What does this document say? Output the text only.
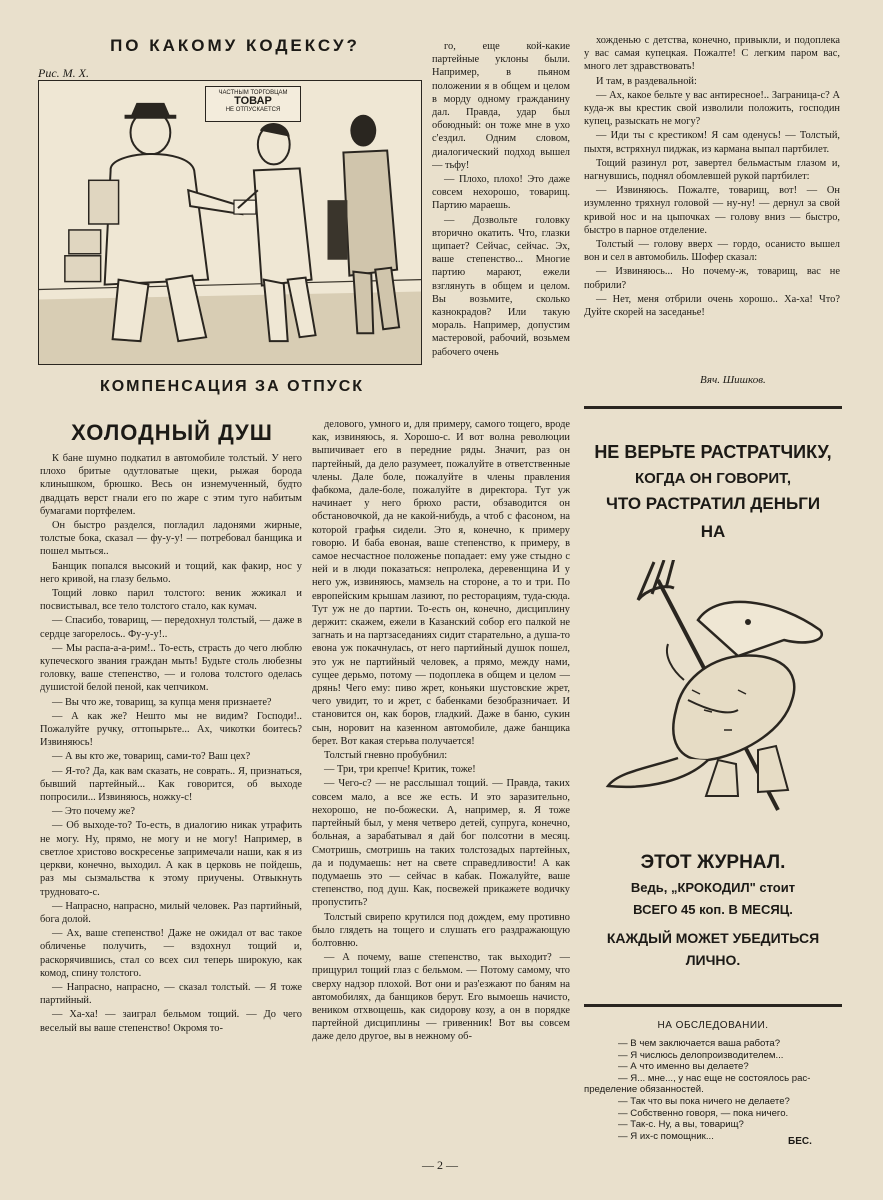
ПО КАКОМУ КОДЕКСУ?
Рис. М. Х.
ЧАСТНЫМ ТОРГОВЦАМ
ТОВАР
НЕ ОТПУСКАЕТСЯ
КОМПЕНСАЦИЯ ЗА ОТПУСК
ХОЛОДНЫЙ ДУШ

К бане шумно подкатил в автомобиле толстый. У него плохо бритые одутловатые щеки, рыжая борода клинышком, брюшко. Весь он изнемученный, будто двадцать верст гнали его по жаре с этим туго набитым бумагами портфелем.

Он быстро разделся, погладил ладонями жирные, толстые бока, сказал — фу-у-у! — потребовал банщика и пошел мыться..

Банщик попался высокий и тощий, как факир, нос у него кривой, на глазу бельмо.

Тощий ловко парил толстого: веник жжикал и посвистывал, все тело толстого стало, как кумач.

— Спасибо, товарищ, — передохнул толстый, — даже в сердце загорелось.. Фу-у-у!..

— Мы распа-а-а-рим!.. То-есть, страсть до чего люблю купеческого звания граждан мыть! Будьте столь любезны головку, ваше степенство, — и голова толстого оделась душистой белой пеной, как чепчиком.

— Вы что же, товарищ, за купца меня признаете?

— А как же? Нешто мы не видим? Господи!.. Пожалуйте ручку, оттопырьте... Ах, чикотки боитесь? Извиняюсь!

— А вы кто же, товарищ, сами-то? Ваш цех?

— Я-то? Да, как вам сказать, не соврать.. Я, признаться, бывший партейный... Как говорится, об выходе попросили... Извиняюсь, ножку-с!

— Это почему же?

— Об выходе-то? То-есть, в диалогию никак утрафить не могу. Ну, прямо, не могу и не могу! Например, в светлое христово воскресенье запримечали наши, как я из церкви, конечно, выходил. А как в церковь не пойдешь, раз мы сызмальства к этому приучены. Отвыкнуть трудновато-с.

— Напрасно, напрасно, милый человек. Раз партийный, бога долой.

— Ах, ваше степенство! Даже не ожидал от вас такое обличенье получить, — вздохнул тощий и, раскорячившись, стал со всех сил теперь широкую, как комод, спину толстого.

— Напрасно, напрасно, — сказал толстый. — Я тоже партийный.

— Ха-ха! — заиграл бельмом тощий. — До чего веселый вы ваше степенство! Окромя то-

го, еще кой-какие партейные уклоны были. Например, в пьяном положении я в общем и целом в морду одному гражданину дал. Правда, удар был обоюдный: он тоже мне в ухо с'ездил. Одним словом, диалогический подход вышел — тьфу!

— Плохо, плохо! Это даже совсем нехорошо, товарищ. Партию мараешь.

— Дозвольте головку вторично окатить. Что, глазки щипает? Сейчас, сейчас. Эх, ваше степенство... Многие партию марают, ежели взглянуть в общем и целом. Вы возьмите, сколько казнокрадов? Или такую мораль. Например, допустим мастеровой, рабочий, возьмем рабочего очень

делового, умного и, для примеру, самого тощего, вроде как, извиняюсь, я. Хорошо-с. И вот волна революции выпичивает его в передние ряды. Значит, раз он партейный, да дело разумеет, пожалуйте в ответственные члены. Дале боле, пожалуйте в члены правления фабкома, дале-боле, пожалуйте в директора. Тут уж начинает у него брюхо расти, обзаводится он обстановочкой, да не какой-нибудь, а чтоб с фасоном, на которой графья сидели. Это я, конечно, к примеру говорю. И баба евоная, ваше степенство, к примеру, в самое несчастное положенье попадает: ему уже стыдно с ней и в люди показаться: непролека, деревенщина И у него уж, извиняюсь, мамзель на стороне, а то и три. По европейским крышам лазиют, по ресторациям, туда-сюда. Тут уж не до партии. То-есть он, конечно, дисциплину держит: скажем, ежели в Казанский собор его палкой не загнать и на партзаседаниях сидит старательно, а душа-то евона уж покачнулась, от него партийный душок пошел, это уж не партийный человек, а прямо, между нами, сущее дерьмо, потому — подоплека в общем и целом — дрянь! Чего ему: пиво жрет, коньяки шустовские жрет, чего увидит, то и жрет, с бабенками безобразничает. И становится он, как боров, гладкий. Даже в баню, сукин сын, норовит на казенном автомобиле, даже банщика берет. Вот какая стерьва получается!

Толстый гневно пробубнил:

— Три, три крепче! Критик, тоже!

— Чего-с? — не расслышал тощий. — Правда, таких совсем мало, а все же есть. И это заразительно, нехорошо, не по-божески. А, например, я. Я тоже партейный был, у меня четверо детей, супруга, конечно, больная, а зарабатывал я дай бог полсотни в месяц. Смотришь, смотришь на таких толстозадых партейных, да и подумаешь: нет на свете справедливости! А как подумаешь это — сейчас в кабак. Пожалуйте, ваше степенство, под душ. Как, посвежей прикажете водичку пропустить?

Толстый свирепо крутился под дождем, ему противно было глядеть на тощего и слушать его раздражающую болтовню.

— А почему, ваше степенство, так выходит? — прищурил тощий глаз с бельмом. — Потому самому, что сверху надзор плохой. Вот они и раз'езжают по баням на автомобилях, да банщиков берут. Его вымоешь начисто, веником отхвощешь, как сидорову козу, а он в порядке партейной дисциплины — гривенник! Вот вы совсем даже дело другое, вы в нежному об-

хожденью с детства, конечно, привыкли, и подоплека у вас самая купецкая. Пожалте! С легким паром вас, много лет здравствовать!

И там, в раздевальной:

— Ах, какое бельте у вас антиресное!.. Заграница-с? А куда-ж вы крестик свой изволили положить, господин купец, разыскать не могу?

— Иди ты с крестиком! Я сам оденусь! — Толстый, пыхтя, встряхнул пиджак, из кармана выпал партбилет.

Тощий разинул рот, завертел бельмастым глазом и, нагнувшись, поднял обомлевшей рукой партбилет:

— Извиняюсь. Пожалте, товарищ, вот! — Он изумленно тряхнул головой — ну-ну! — дернул за свой кривой нос и на цыпочках — голову вниз — быстро, быстро в парное отделение.

Толстый — голову вверх — гордо, осанисто вышел вон и сел в автомобиль. Шофер сказал:

— Извиняюсь... Но почему-ж, товарищ, вас не побрили?

— Нет, меня отбрили очень хорошо.. Ха-ха! Что? Дуйте скорей на заседанье!

Вяч. Шишков.
НЕ ВЕРЬТЕ РАСТРАТЧИКУ,
КОГДА ОН ГОВОРИТ,
ЧТО РАСТРАТИЛ ДЕНЬГИ
НА
ЭТОТ ЖУРНАЛ.
Ведь, „КРОКОДИЛ" стоит
ВСЕГО 45 коп. В МЕСЯЦ.
КАЖДЫЙ МОЖЕТ УБЕДИТЬСЯ
ЛИЧНО.
НА ОБСЛЕДОВАНИИ.
— В чем заключается ваша работа?
— Я числюсь делопроизводителем...
— А что именно вы делаете?
— Я... мне..., у нас еще не состоялось рас-
пределение обязанностей.
— Так что вы пока ничего не делаете?
— Собственно говоря, — пока ничего.
— Так-с. Ну, а вы, товарищ?
— Я их-с помощник...	БЕС.
— 2 —
